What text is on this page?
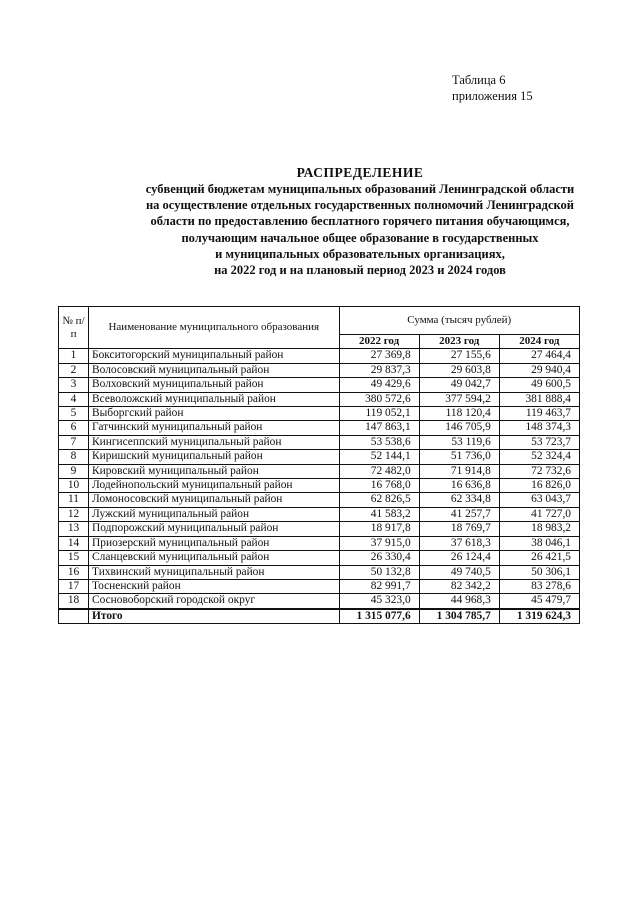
Таблица 6
приложения 15
РАСПРЕДЕЛЕНИЕ
субвенций бюджетам муниципальных образований Ленинградской области
на осуществление отдельных государственных полномочий Ленинградской
области по предоставлению бесплатного горячего питания обучающимся,
получающим начальное общее образование в государственных
и муниципальных образовательных организациях,
на 2022 год и на плановый период 2023 и 2024 годов
№ п/п	Наименование муниципального образования	Сумма (тысяч рублей)		
		2022 год	2023 год	2024 год
1	Бокситогорский муниципальный район	27 369,8	27 155,6	27 464,4
2	Волосовский муниципальный район	29 837,3	29 603,8	29 940,4
3	Волховский муниципальный район	49 429,6	49 042,7	49 600,5
4	Всеволожский муниципальный район	380 572,6	377 594,2	381 888,4
5	Выборгский район	119 052,1	118 120,4	119 463,7
6	Гатчинский муниципальный район	147 863,1	146 705,9	148 374,3
7	Кингисеппский муниципальный район	53 538,6	53 119,6	53 723,7
8	Киришский муниципальный район	52 144,1	51 736,0	52 324,4
9	Кировский муниципальный район	72 482,0	71 914,8	72 732,6
10	Лодейнопольский муниципальный район	16 768,0	16 636,8	16 826,0
11	Ломоносовский муниципальный район	62 826,5	62 334,8	63 043,7
12	Лужский муниципальный район	41 583,2	41 257,7	41 727,0
13	Подпорожский муниципальный район	18 917,8	18 769,7	18 983,2
14	Приозерский муниципальный район	37 915,0	37 618,3	38 046,1
15	Сланцевский муниципальный район	26 330,4	26 124,4	26 421,5
16	Тихвинский муниципальный район	50 132,8	49 740,5	50 306,1
17	Тосненский район	82 991,7	82 342,2	83 278,6
18	Сосновоборский городской округ	45 323,0	44 968,3	45 479,7
	Итого	1 315 077,6	1 304 785,7	1 319 624,3
